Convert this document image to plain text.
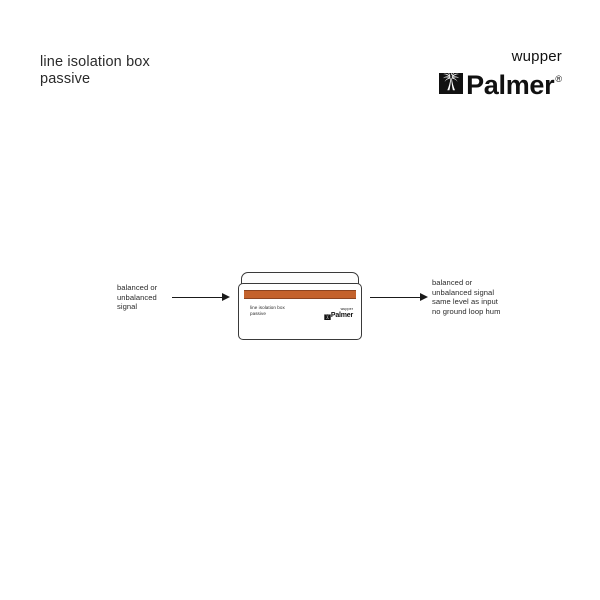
line isolation box
passive
wupper
Palmer ®
balanced or
unbalanced
signal	line isolation box
passive
wupper
Palmer
balanced or
unbalanced signal
same level as input
no ground loop hum
